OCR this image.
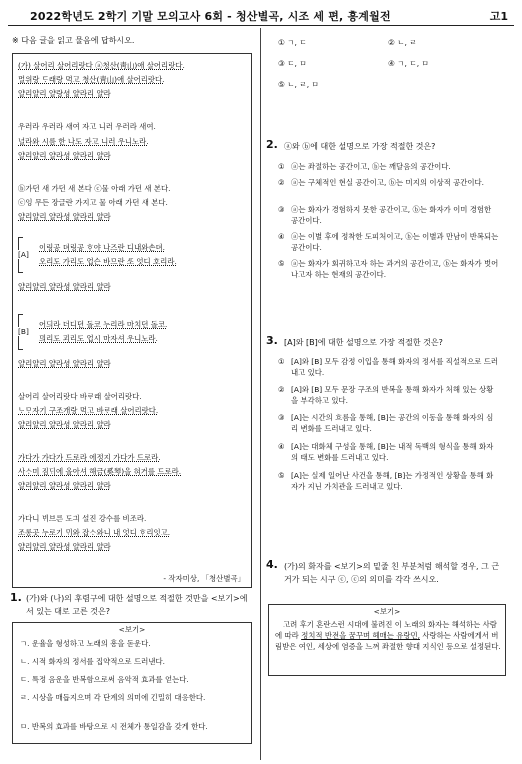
2022학년도 2학기 기말 모의고사 6회 - 청산별곡, 시조 세 편, 흥계월전	고1
※ 다음 글을 읽고 물음에 답하시오.
(가) 살어리 살어리랏다 ⓐ청산(靑山)애 살어리랏다.
멀위랑 ᄃᆞ래랑 먹고 청산(靑山)애 살어리랏다.
얄리얄리 얄랑셩 얄라리 얄라
우러라 우러라 새여 자고 니러 우러라 새여.
널라와 시름 한 나도 자고 니러 우니노라.
얄리얄리 얄라셩 얄라리 얄라
ⓑ가던 새 가던 새 본다 ⓒ물 아래 가던 새 본다.
ⓒ잉 무든 장글란 가지고 물 아래 가던 새 본다.
얄리얄리 얄라셩 얄라리 얄라
[A]
이링공 뎌링공 ᄒᆞ야 나즈란 디내와손뎌.
오리도 가리도 업슨 바므란 ᄯᅩ 엇디 호리라.
얄리얄리 얄라셩 얄라리 얄라
[B]
어듸라 더디던 돌코 누리라 마치던 돌코.
믜리도 괴리도 업시 마자셔 우니노라.
얄리얄리 얄라셩 얄라리 얄라
살어리 살어리랏다 바ᄅᆞ래 살어리랏다.
ᄂᆞᄆᆞ자기 구조개랑 먹고 바ᄅᆞ래 살어리랏다.
얄리얄리 얄라셩 얄라리 얄라
가다가 가다가 드로라 에정지 가다가 드로라.
사ᄉᆞ미 짐ᄃᆡ에 올아셔 해금(奚琴)을 혀거를 드로라.
얄리얄리 얄라셩 얄라리 얄라
가다니 ᄇᆡ브른 도긔 설진 강수를 비조라.
조롱곳 누로기 ᄆᆡ와 잡ᄉᆞ와니 내 엇디 ᄒᆞ리잇고.
얄리얄리 얄라셩 얄라리 얄라
- 작자미상, 「청산별곡」
1. (가)와 (나)의 후렴구에 대한 설명으로 적절한 것만을 <보기>에서 있는 대로 고른 것은?
<보기>
ㄱ. 운율을 형성하고 노래의 흥을 돋운다.
ㄴ. 시적 화자의 정서를 집약적으로 드러낸다.
ㄷ. 특정 음운을 반복함으로써 음악적 효과를 얻는다.
ㄹ. 시상을 매듭지으며 각 단계의 의미에 긴밀히 대응한다.
ㅁ. 반복의 효과를 바탕으로 시 전체가 통일감을 갖게 한다.
① ㄱ, ㄷ	② ㄴ, ㄹ
③ ㄷ, ㅁ	④ ㄱ, ㄷ, ㅁ
⑤ ㄴ, ㄹ, ㅁ
2. ⓐ와 ⓑ에 대한 설명으로 가장 적절한 것은?
① ⓐ는 좌절하는 공간이고, ⓑ는 깨달음의 공간이다.
② ⓐ는 구체적인 현실 공간이고, ⓑ는 미지의 이상적 공간이다.
③ ⓐ는 화자가 경험하지 못한 공간이고, ⓑ는 화자가 이미 경험한 공간이다.
④ ⓐ는 이별 후에 정착한 도피처이고, ⓑ는 이별과 만남이 반복되는 공간이다.
⑤ ⓐ는 화자가 회귀하고자 하는 과거의 공간이고, ⓑ는 화자가 벗어나고자 하는 현재의 공간이다.
3. [A]와 [B]에 대한 설명으로 가장 적절한 것은?
① [A]와 [B] 모두 감정 이입을 통해 화자의 정서를 직설적으로 드러내고 있다.
② [A]와 [B] 모두 문장 구조의 반복을 통해 화자가 처해 있는 상황을 부각하고 있다.
③ [A]는 시간의 흐름을 통해, [B]는 공간의 이동을 통해 화자의 심리 변화를 드러내고 있다.
④ [A]는 대화체 구성을 통해, [B]는 내적 독백의 형식을 통해 화자의 태도 변화를 드러내고 있다.
⑤ [A]는 실제 일어난 사건을 통해, [B]는 가정적인 상황을 통해 화자가 지닌 가치관을 드러내고 있다.
4. (가)의 화자를 <보기>의 밑줄 친 부분처럼 해석할 경우, 그 근거가 되는 시구 ⓒ, ⓒ의 의미를 각각 쓰시오.
<보기>
고려 후기 혼란스런 시대에 불려진 이 노래의 화자는 해석하는 사람에 따라 정치적 반전을 꿈꾸며 헤매는 유랑민, 사랑하는 사람에게서 버림받은 여인, 세상에 염증을 느껴 좌절한 향대 지식인 등으로 설정된다.
